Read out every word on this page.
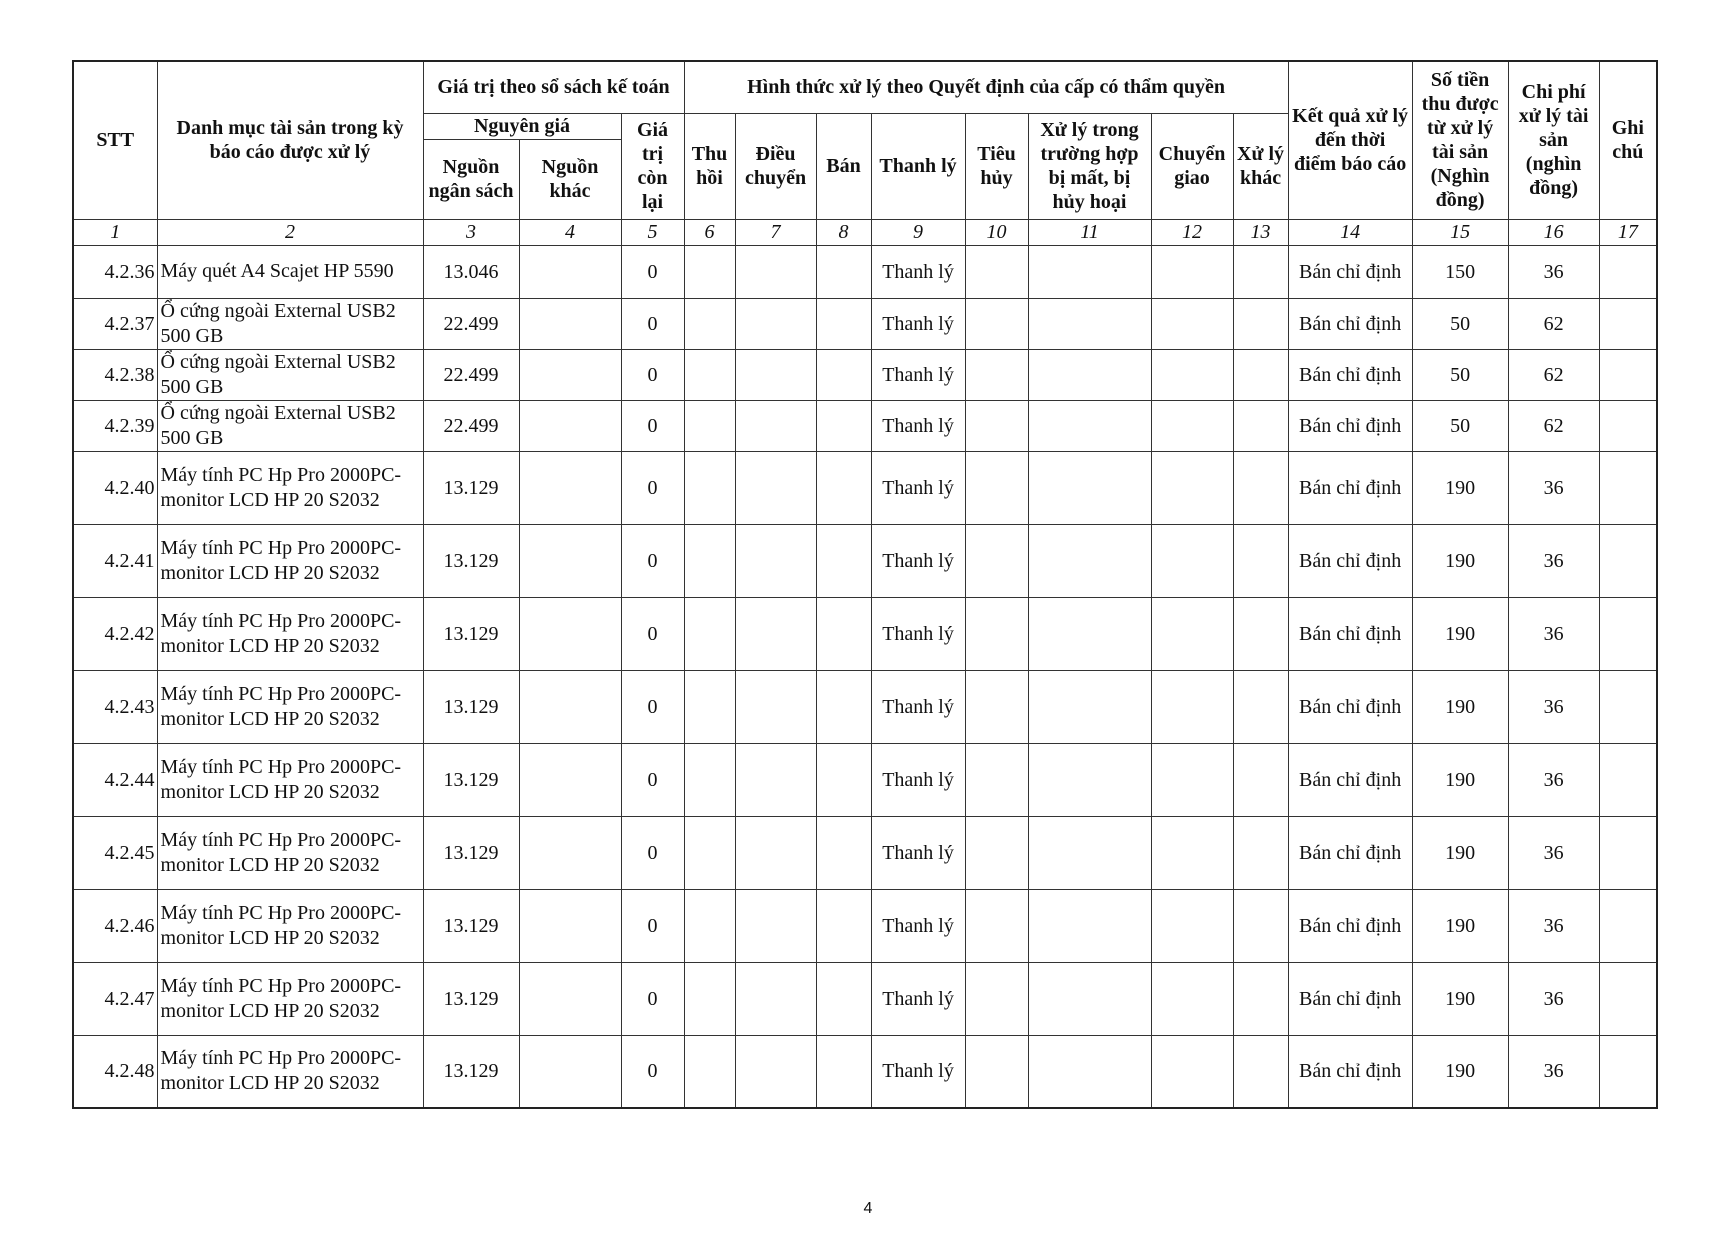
STT	Danh mục tài sản trong kỳ báo cáo được xử lý	Giá trị theo sổ sách kế toán			Hình thức xử lý theo Quyết định của cấp có thẩm quyền								Kết quả xử lý đến thời điểm báo cáo	Số tiền thu được từ xử lý tài sản (Nghìn đồng)	Chi phí xử lý tài sản (nghìn đồng)	Ghi chú
		Nguyên giá		Giá trị còn lại	Thu hồi	Điều chuyển	Bán	Thanh lý	Tiêu hủy	Xử lý trong trường hợp bị mất, bị hủy hoại	Chuyển giao	Xử lý khác				
		Nguồn ngân sách	Nguồn khác													
1	2	3	4	5	6	7	8	9	10	11	12	13	14	15	16	17
4.2.36	Máy quét A4 Scajet HP 5590	13.046		0				Thanh lý					Bán chỉ định	150	36	
4.2.37	Ổ cứng ngoài External USB2 500 GB	22.499		0				Thanh lý					Bán chỉ định	50	62	
4.2.38	Ổ cứng ngoài External USB2 500 GB	22.499		0				Thanh lý					Bán chỉ định	50	62	
4.2.39	Ổ cứng ngoài External USB2 500 GB	22.499		0				Thanh lý					Bán chỉ định	50	62	
4.2.40	Máy tính PC Hp Pro 2000PC-monitor LCD HP 20 S2032	13.129		0				Thanh lý					Bán chỉ định	190	36	
4.2.41	Máy tính PC Hp Pro 2000PC-monitor LCD HP 20 S2032	13.129		0				Thanh lý					Bán chỉ định	190	36	
4.2.42	Máy tính PC Hp Pro 2000PC-monitor LCD HP 20 S2032	13.129		0				Thanh lý					Bán chỉ định	190	36	
4.2.43	Máy tính PC Hp Pro 2000PC-monitor LCD HP 20 S2032	13.129		0				Thanh lý					Bán chỉ định	190	36	
4.2.44	Máy tính PC Hp Pro 2000PC-monitor LCD HP 20 S2032	13.129		0				Thanh lý					Bán chỉ định	190	36	
4.2.45	Máy tính PC Hp Pro 2000PC-monitor LCD HP 20 S2032	13.129		0				Thanh lý					Bán chỉ định	190	36	
4.2.46	Máy tính PC Hp Pro 2000PC-monitor LCD HP 20 S2032	13.129		0				Thanh lý					Bán chỉ định	190	36	
4.2.47	Máy tính PC Hp Pro 2000PC-monitor LCD HP 20 S2032	13.129		0				Thanh lý					Bán chỉ định	190	36	
4.2.48	Máy tính PC Hp Pro 2000PC-monitor LCD HP 20 S2032	13.129		0				Thanh lý					Bán chỉ định	190	36	
4
